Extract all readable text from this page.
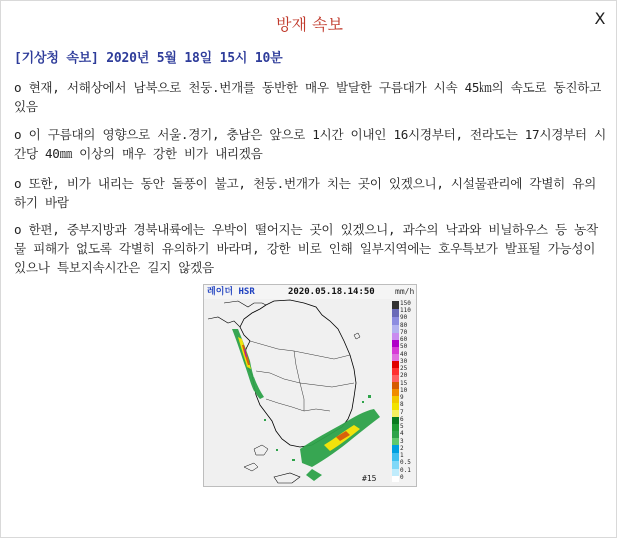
방재 속보	X
[기상청 속보] 2020년 5월 18일 15시 10분
o 현재, 서해상에서 남북으로 천둥.번개를 동반한 매우 발달한 구름대가 시속 45㎞의 속도로 동진하고 있음
o 이 구름대의 영향으로 서울.경기, 충남은 앞으로 1시간 이내인 16시경부터, 전라도는 17시경부터 시간당 40㎜ 이상의 매우 강한 비가 내리겠음
o 또한, 비가 내리는 동안 돌풍이 불고, 천둥.번개가 치는 곳이 있겠으니, 시설물관리에 각별히 유의하기 바람
o 한편, 중부지방과 경북내륙에는 우박이 떨어지는 곳이 있겠으니, 과수의 낙과와 비닐하우스 등 농작물 피해가 없도록 각별히 유의하기 바라며, 강한 비로 인해 일부지역에는 호우특보가 발표될 가능성이 있으나 특보지속시간은 길지 않겠음
레이더 HSR	2020.05.18.14:50	mm/h
150
110
90
80
70
60
50
40
30
25
20
15
10
9
8
7
6
5
4
3
2
1
0.5
0.1
0
#15
